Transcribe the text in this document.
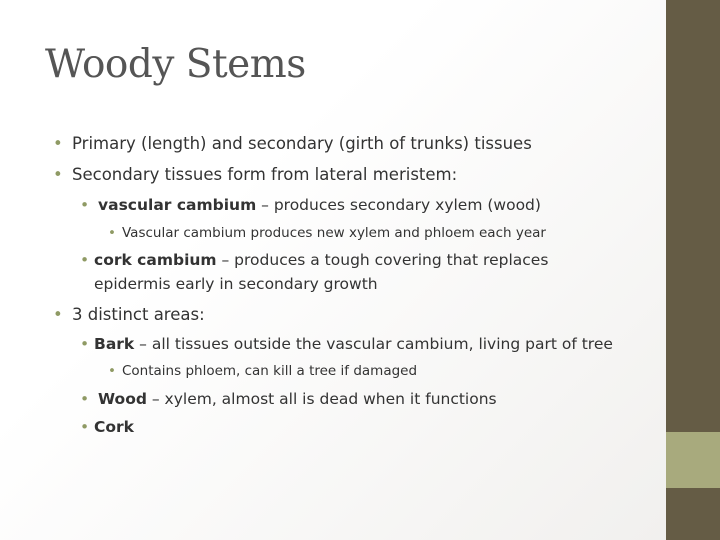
Woody Stems
• Primary (length) and secondary (girth of trunks) tissues
• Secondary tissues form from lateral meristem:
• vascular cambium – produces secondary xylem (wood)
• Vascular cambium produces new xylem and phloem each year
• cork cambium – produces a tough covering that replaces
epidermis early in secondary growth
• 3 distinct areas:
• Bark – all tissues outside the vascular cambium, living part of tree
• Contains phloem, can kill a tree if damaged
• Wood – xylem, almost all is dead when it functions
• Cork
